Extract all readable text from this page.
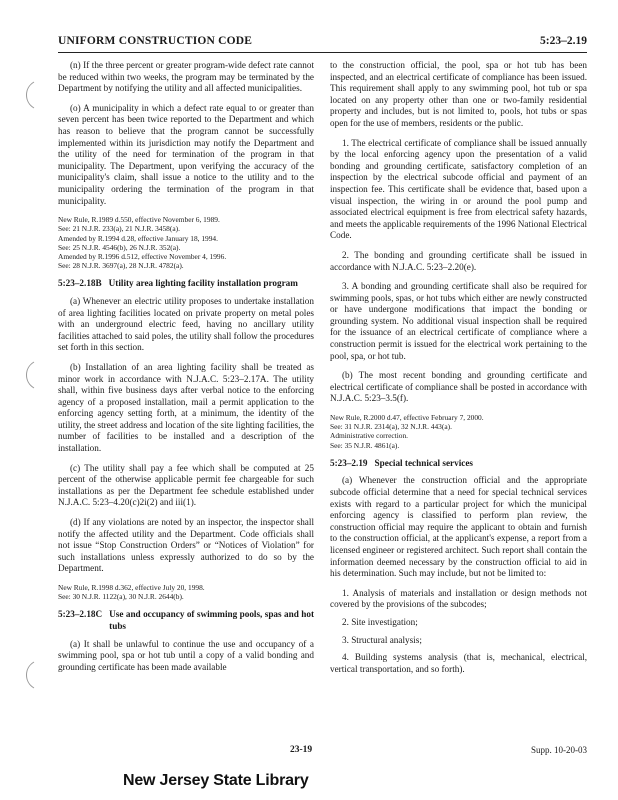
UNIFORM CONSTRUCTION CODE	5:23–2.19

(n) If the three percent or greater program-wide defect rate cannot be reduced within two weeks, the program may be terminated by the Department by notifying the utility and all affected municipalities.

(o) A municipality in which a defect rate equal to or greater than seven percent has been twice reported to the Department and which has reason to believe that the program cannot be successfully implemented within its jurisdiction may notify the Department and the utility of the need for termination of the program in that municipality. The Department, upon verifying the accuracy of the municipality's claim, shall issue a notice to the utility and to the municipality ordering the termination of the program in that municipality.

New Rule, R.1989 d.550, effective November 6, 1989.
See: 21 N.J.R. 233(a), 21 N.J.R. 3458(a).
Amended by R.1994 d.28, effective January 18, 1994.
See: 25 N.J.R. 4546(b), 26 N.J.R. 352(a).
Amended by R.1996 d.512, effective November 4, 1996.
See: 28 N.J.R. 3697(a), 28 N.J.R. 4782(a).
5:23–2.18B Utility area lighting facility installation program

(a) Whenever an electric utility proposes to undertake installation of area lighting facilities located on private property on metal poles with an underground electric feed, having no ancillary utility facilities attached to said poles, the utility shall follow the procedures set forth in this section.

(b) Installation of an area lighting facility shall be treated as minor work in accordance with N.J.A.C. 5:23–2.17A. The utility shall, within five business days after verbal notice to the enforcing agency of a proposed installation, mail a permit application to the enforcing agency setting forth, at a minimum, the identity of the utility, the street address and location of the site lighting facilities, the number of facilities to be installed and a description of the installation.

(c) The utility shall pay a fee which shall be computed at 25 percent of the otherwise applicable permit fee chargeable for such installations as per the Department fee schedule established under N.J.A.C. 5:23–4.20(c)2i(2) and iii(1).

(d) If any violations are noted by an inspector, the inspector shall notify the affected utility and the Department. Code officials shall not issue “Stop Construction Orders” or “Notices of Violation” for such installations unless expressly authorized to do so by the Department.

New Rule, R.1998 d.362, effective July 20, 1998.
See: 30 N.J.R. 1122(a), 30 N.J.R. 2644(b).
5:23–2.18C Use and occupancy of swimming pools, spas and hot tubs

(a) It shall be unlawful to continue the use and occupancy of a swimming pool, spa or hot tub until a copy of a valid bonding and grounding certificate has been made available

to the construction official, the pool, spa or hot tub has been inspected, and an electrical certificate of compliance has been issued. This requirement shall apply to any swimming pool, hot tub or spa located on any property other than one or two-family residential property and includes, but is not limited to, pools, hot tubs or spas open for the use of members, residents or the public.

1. The electrical certificate of compliance shall be issued annually by the local enforcing agency upon the presentation of a valid bonding and grounding certificate, satisfactory completion of an inspection by the electrical subcode official and payment of an inspection fee. This certificate shall be evidence that, based upon a visual inspection, the wiring in or around the pool pump and associated electrical equipment is free from electrical safety hazards, and meets the applicable requirements of the 1996 National Electrical Code.

2. The bonding and grounding certificate shall be issued in accordance with N.J.A.C. 5:23–2.20(e).

3. A bonding and grounding certificate shall also be required for swimming pools, spas, or hot tubs which either are newly constructed or have undergone modifications that impact the bonding or grounding system. No additional visual inspection shall be required for the issuance of an electrical certificate of compliance where a construction permit is issued for the electrical work pertaining to the pool, spa, or hot tub.

(b) The most recent bonding and grounding certificate and electrical certificate of compliance shall be posted in accordance with N.J.A.C. 5:23–3.5(f).

New Rule, R.2000 d.47, effective February 7, 2000.
See: 31 N.J.R. 2314(a), 32 N.J.R. 443(a).
Administrative correction.
See: 35 N.J.R. 4861(a).
5:23–2.19 Special technical services

(a) Whenever the construction official and the appropriate subcode official determine that a need for special technical services exists with regard to a particular project for which the municipal enforcing agency is classified to perform plan review, the construction official may require the applicant to obtain and furnish to the construction official, at the applicant's expense, a report from a licensed engineer or registered architect. Such report shall contain the information deemed necessary by the construction official to aid in his determination. Such may include, but not be limited to:

1. Analysis of materials and installation or design methods not covered by the provisions of the subcodes;

2. Site investigation;

3. Structural analysis;

4. Building systems analysis (that is, mechanical, electrical, vertical transportation, and so forth).

23-19	Supp. 10-20-03
New Jersey State Library
